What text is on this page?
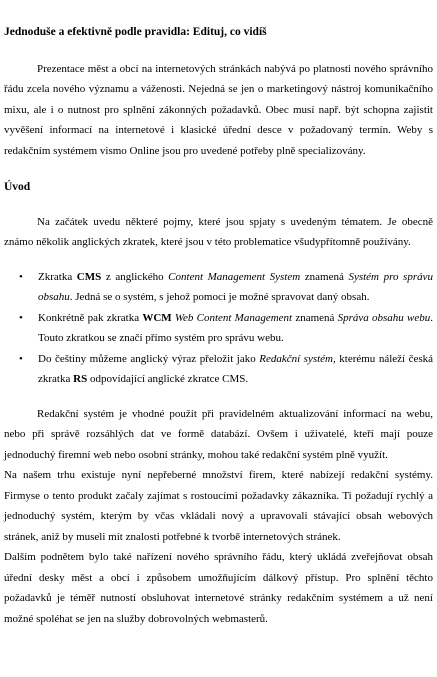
Jednoduše a efektivně podle pravidla: Edituj, co vidíš

Prezentace měst a obcí na internetových stránkách nabývá po platnosti nového správního řádu zcela nového významu a váženosti. Nejedná se jen o marketingový nástroj komunikačního mixu, ale i o nutnost pro splnění zákonných požadavků. Obec musí např. být schopna zajistit vyvěšení informací na internetové i klasické úřední desce v požadovaný termín. Weby s redakčním systémem vismo Online jsou pro uvedené potřeby plně specializovány.

Úvod

Na začátek uvedu některé pojmy, které jsou spjaty s uvedeným tématem. Je obecně známo několik anglických zkratek, které jsou v této problematice všudypřítomně používány.

• Zkratka CMS z anglického Content Management System znamená Systém pro správu obsahu. Jedná se o systém, s jehož pomocí je možné spravovat daný obsah.
• Konkrétně pak zkratka WCM Web Content Management znamená Správa obsahu webu. Touto zkratkou se značí přímo systém pro správu webu.
• Do češtiny můžeme anglický výraz přeložit jako Redakční systém, kterému náleží česká zkratka RS odpovídající anglické zkratce CMS.

Redakční systém je vhodné použít při pravidelném aktualizování informací na webu, nebo při správě rozsáhlých dat ve formě databází. Ovšem i uživatelé, kteří mají pouze jednoduchý firemní web nebo osobní stránky, mohou také redakční systém plně využít.

Na našem trhu existuje nyní nepřeberné množství firem, které nabízejí redakční systémy. Firmyse o tento produkt začaly zajímat s rostoucími požadavky zákazníka. Ti požadují rychlý a jednoduchý systém, kterým by včas vkládali nový a upravovali stávající obsah webových stránek, aniž by museli mít znalosti potřebné k tvorbě internetových stránek.

Dalším podnětem bylo také nařízení nového správního řádu, který ukládá zveřejňovat obsah úřední desky měst a obcí i způsobem umožňujícím dálkový přístup. Pro splnění těchto požadavků je téměř nutností obsluhovat internetové stránky redakčním systémem a už není možné spoléhat se jen na služby dobrovolných webmasterů.
